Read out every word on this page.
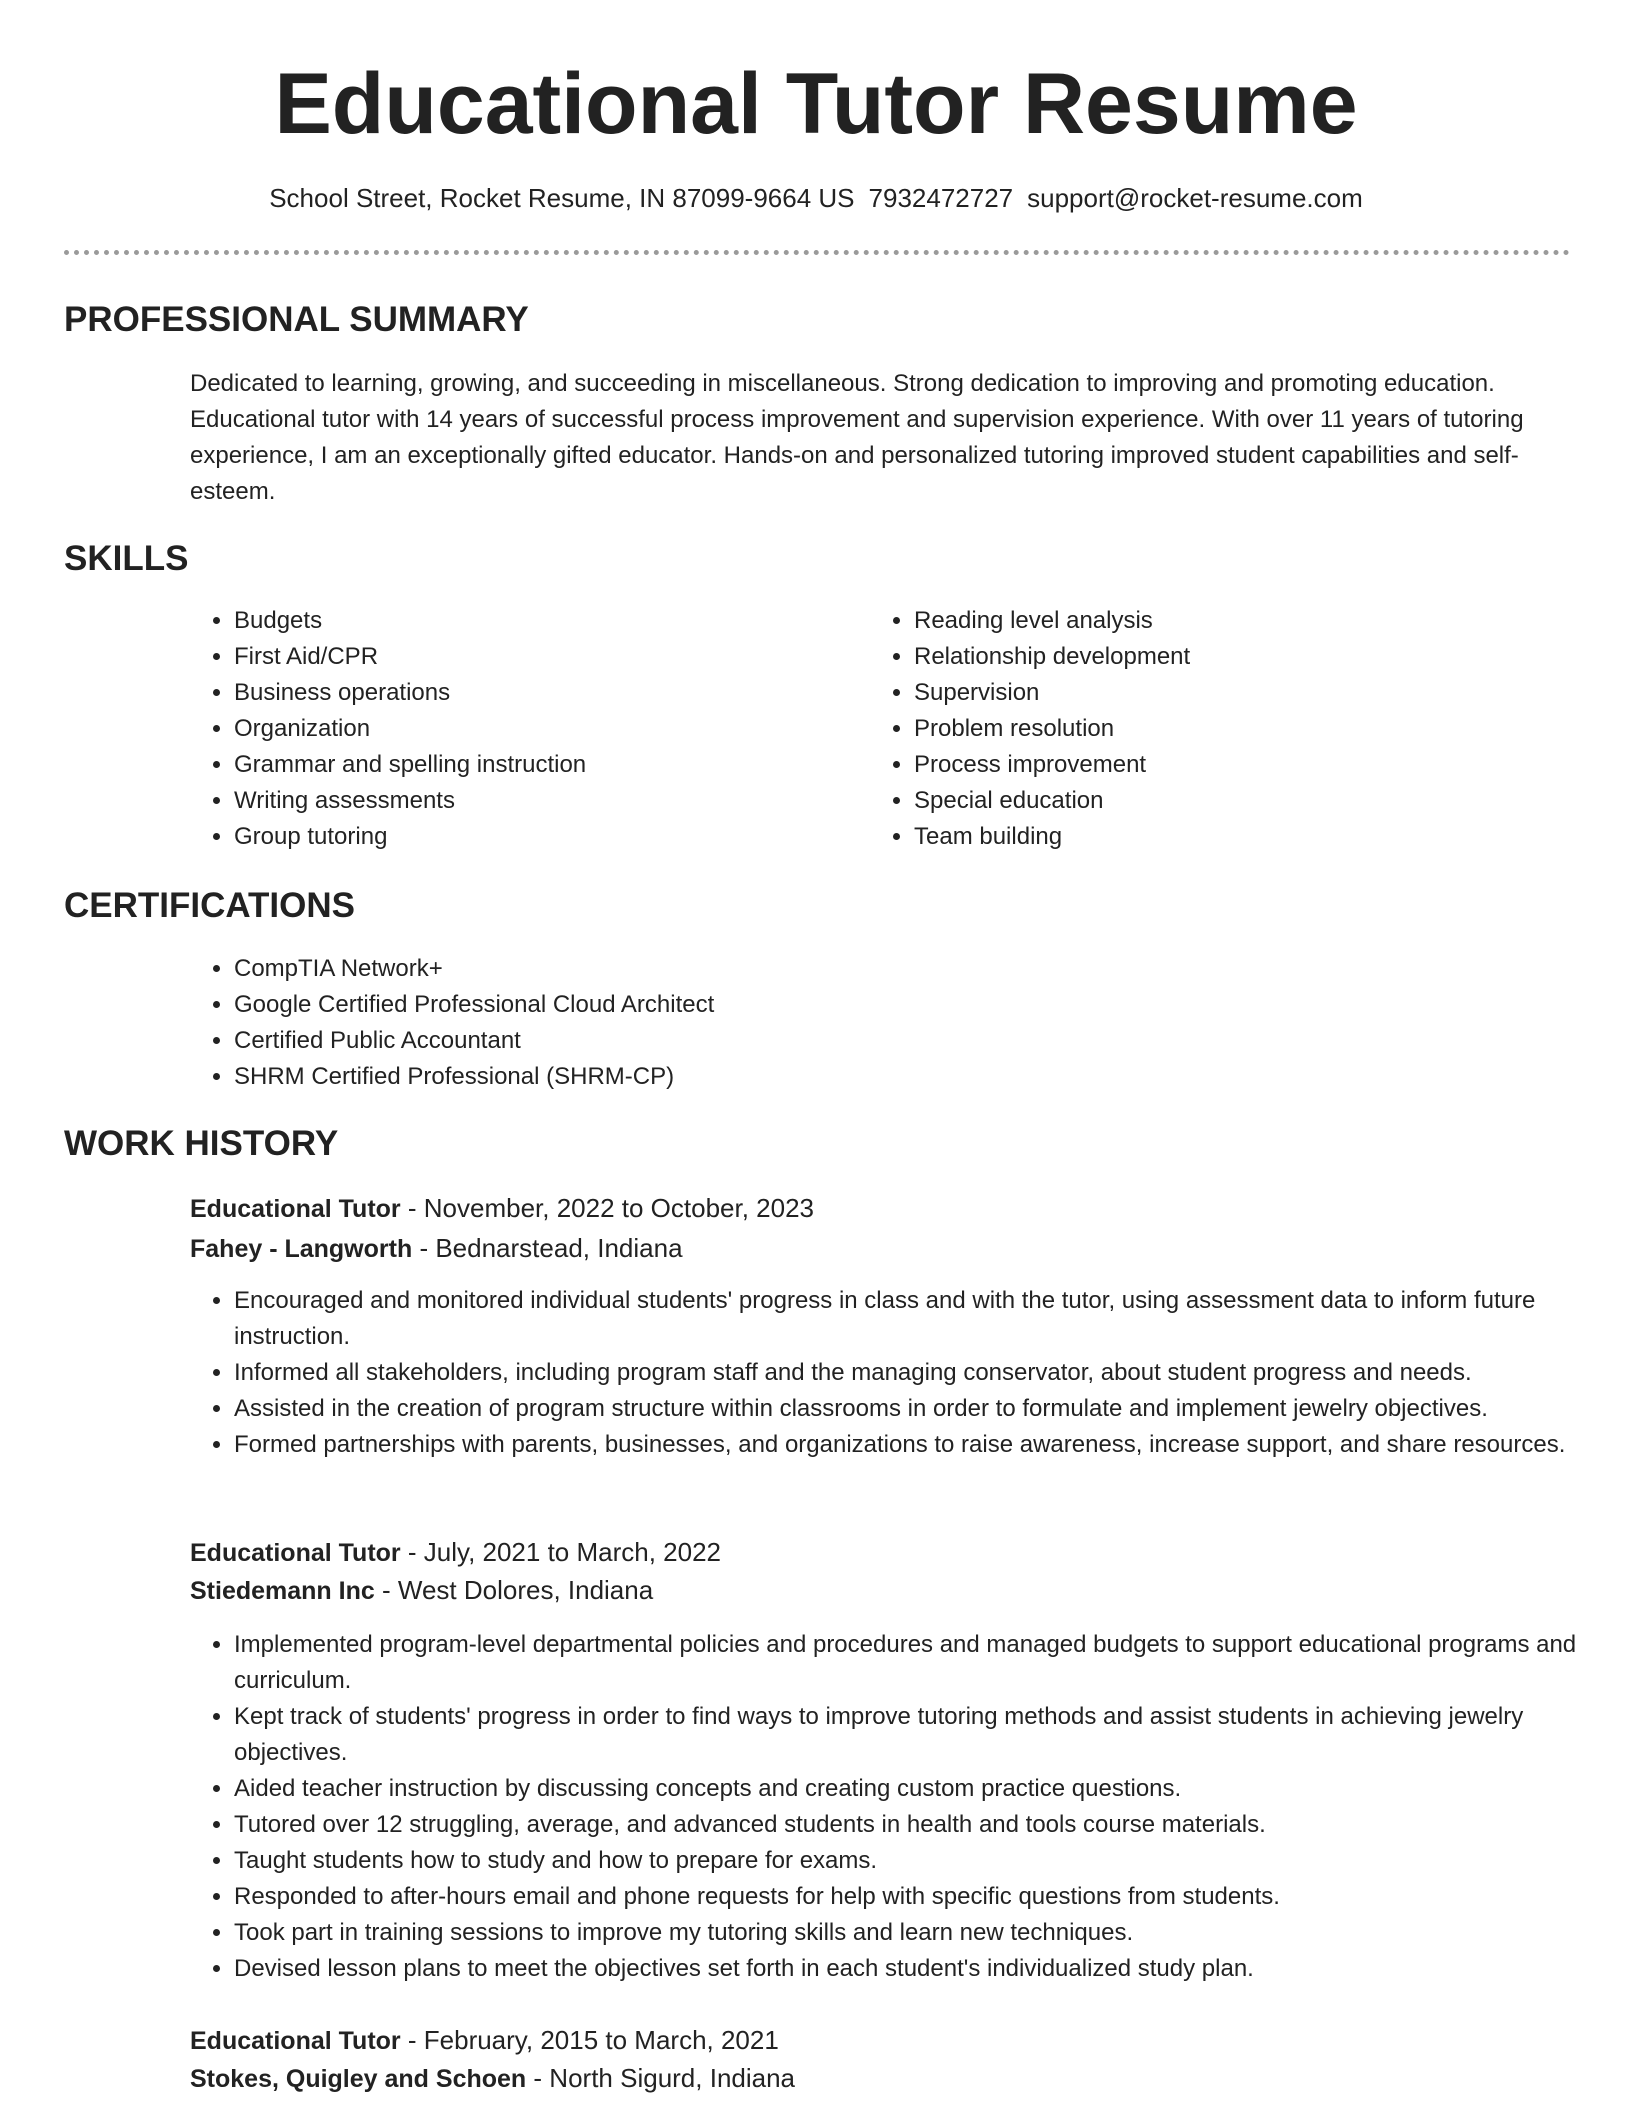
Educational Tutor Resume
School Street, Rocket Resume, IN 87099-9664 US 7932472727 support@rocket-resume.com
PROFESSIONAL SUMMARY

Dedicated to learning, growing, and succeeding in miscellaneous. Strong dedication to improving and promoting education. Educational tutor with 14 years of successful process improvement and supervision experience. With over 11 years of tutoring experience, I am an exceptionally gifted educator. Hands-on and personalized tutoring improved student capabilities and self-esteem.

SKILLS
• Budgets
• First Aid/CPR
• Business operations
• Organization
• Grammar and spelling instruction
• Writing assessments
• Group tutoring
• Reading level analysis
• Relationship development
• Supervision
• Problem resolution
• Process improvement
• Special education
• Team building
CERTIFICATIONS
• CompTIA Network+
• Google Certified Professional Cloud Architect
• Certified Public Accountant
• SHRM Certified Professional (SHRM-CP)
WORK HISTORY
Educational Tutor - November, 2022 to October, 2023
Fahey - Langworth - Bednarstead, Indiana
• Encouraged and monitored individual students' progress in class and with the tutor, using assessment data to inform future instruction.
• Informed all stakeholders, including program staff and the managing conservator, about student progress and needs.
• Assisted in the creation of program structure within classrooms in order to formulate and implement jewelry objectives.
• Formed partnerships with parents, businesses, and organizations to raise awareness, increase support, and share resources.
Educational Tutor - July, 2021 to March, 2022
Stiedemann Inc - West Dolores, Indiana
• Implemented program-level departmental policies and procedures and managed budgets to support educational programs and curriculum.
• Kept track of students' progress in order to find ways to improve tutoring methods and assist students in achieving jewelry objectives.
• Aided teacher instruction by discussing concepts and creating custom practice questions.
• Tutored over 12 struggling, average, and advanced students in health and tools course materials.
• Taught students how to study and how to prepare for exams.
• Responded to after-hours email and phone requests for help with specific questions from students.
• Took part in training sessions to improve my tutoring skills and learn new techniques.
• Devised lesson plans to meet the objectives set forth in each student's individualized study plan.
Educational Tutor - February, 2015 to March, 2021
Stokes, Quigley and Schoen - North Sigurd, Indiana
